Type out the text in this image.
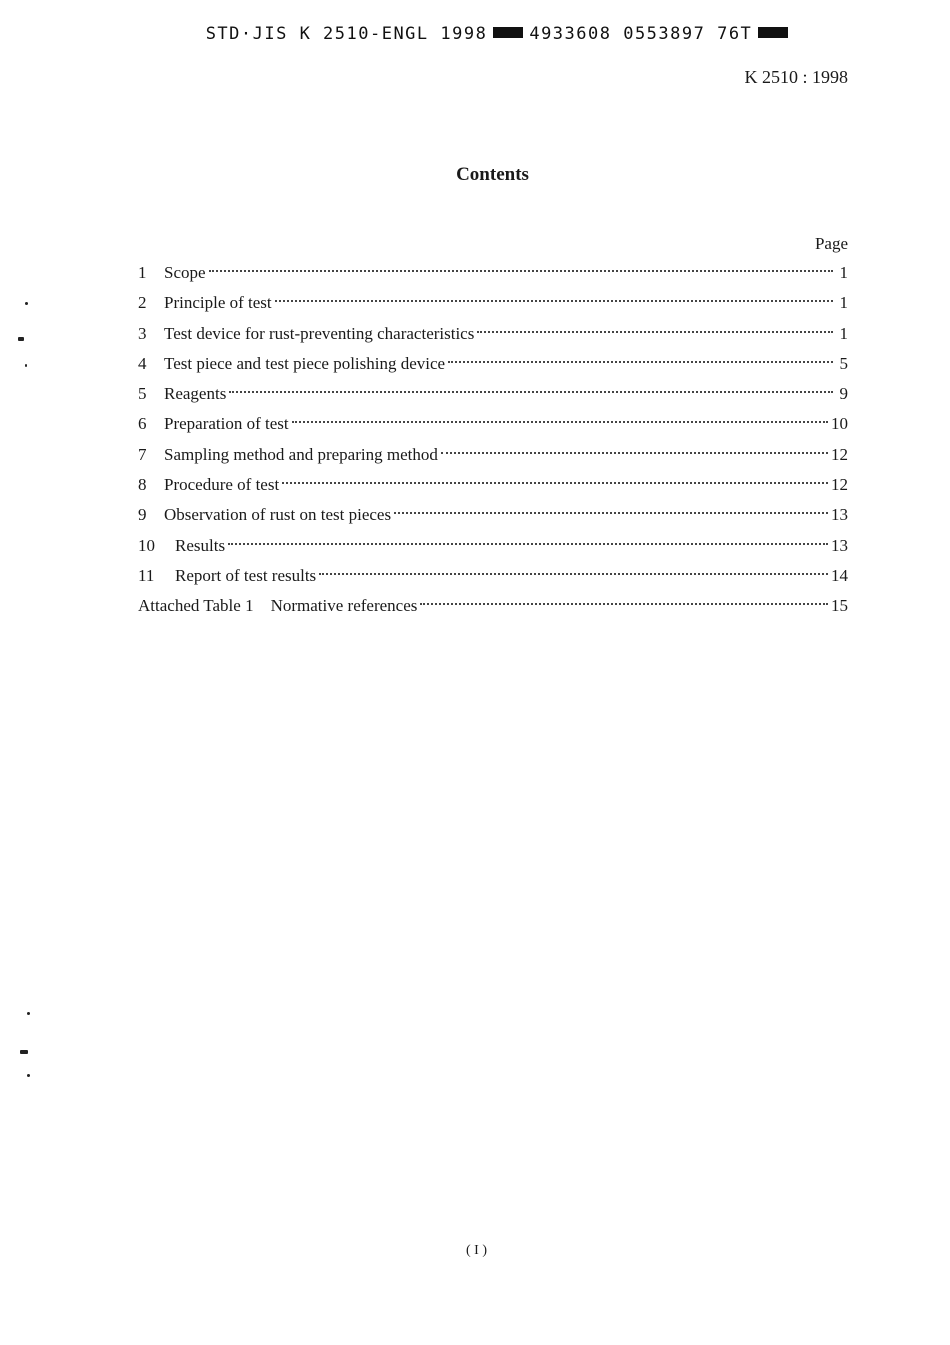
STD·JIS K 2510-ENGL 1998 4933608 0553897 76T
K 2510 : 1998
Contents
Page
1	Scope	1
2	Principle of test	1
3	Test device for rust-preventing characteristics	1
4	Test piece and test piece polishing device	5
5	Reagents	9
6	Preparation of test	10
7	Sampling method and preparing method	12
8	Procedure of test	12
9	Observation of rust on test pieces	13
10	Results	13
11	Report of test results	14
Attached Table 1 Normative references	15
( I )
